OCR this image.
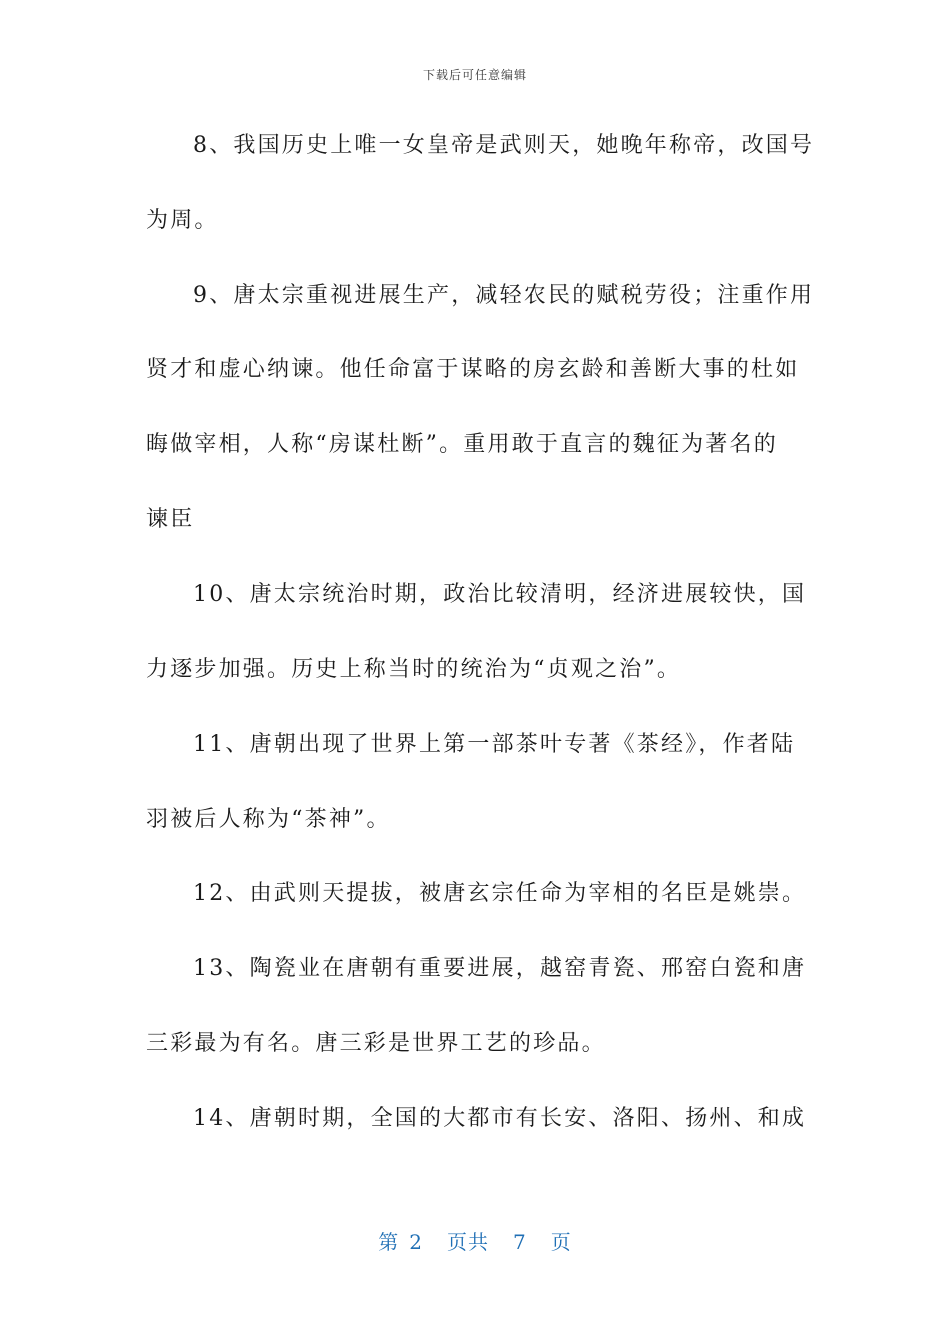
下载后可任意编辑
8、我国历史上唯一女皇帝是武则天，她晚年称帝，改国号
为周。
9、唐太宗重视进展生产，减轻农民的赋税劳役；注重作用
贤才和虚心纳谏。他任命富于谋略的房玄龄和善断大事的杜如
晦做宰相，人称“房谋杜断”。重用敢于直言的魏征为著名的
谏臣
10、唐太宗统治时期，政治比较清明，经济进展较快，国
力逐步加强。历史上称当时的统治为“贞观之治”。
11、唐朝出现了世界上第一部茶叶专著《茶经》，作者陆
羽被后人称为“茶神”。
12、由武则天提拔，被唐玄宗任命为宰相的名臣是姚崇。
13、陶瓷业在唐朝有重要进展，越窑青瓷、邢窑白瓷和唐
三彩最为有名。唐三彩是世界工艺的珍品。
14、唐朝时期，全国的大都市有长安、洛阳、扬州、和成
第 2 页共 7 页
